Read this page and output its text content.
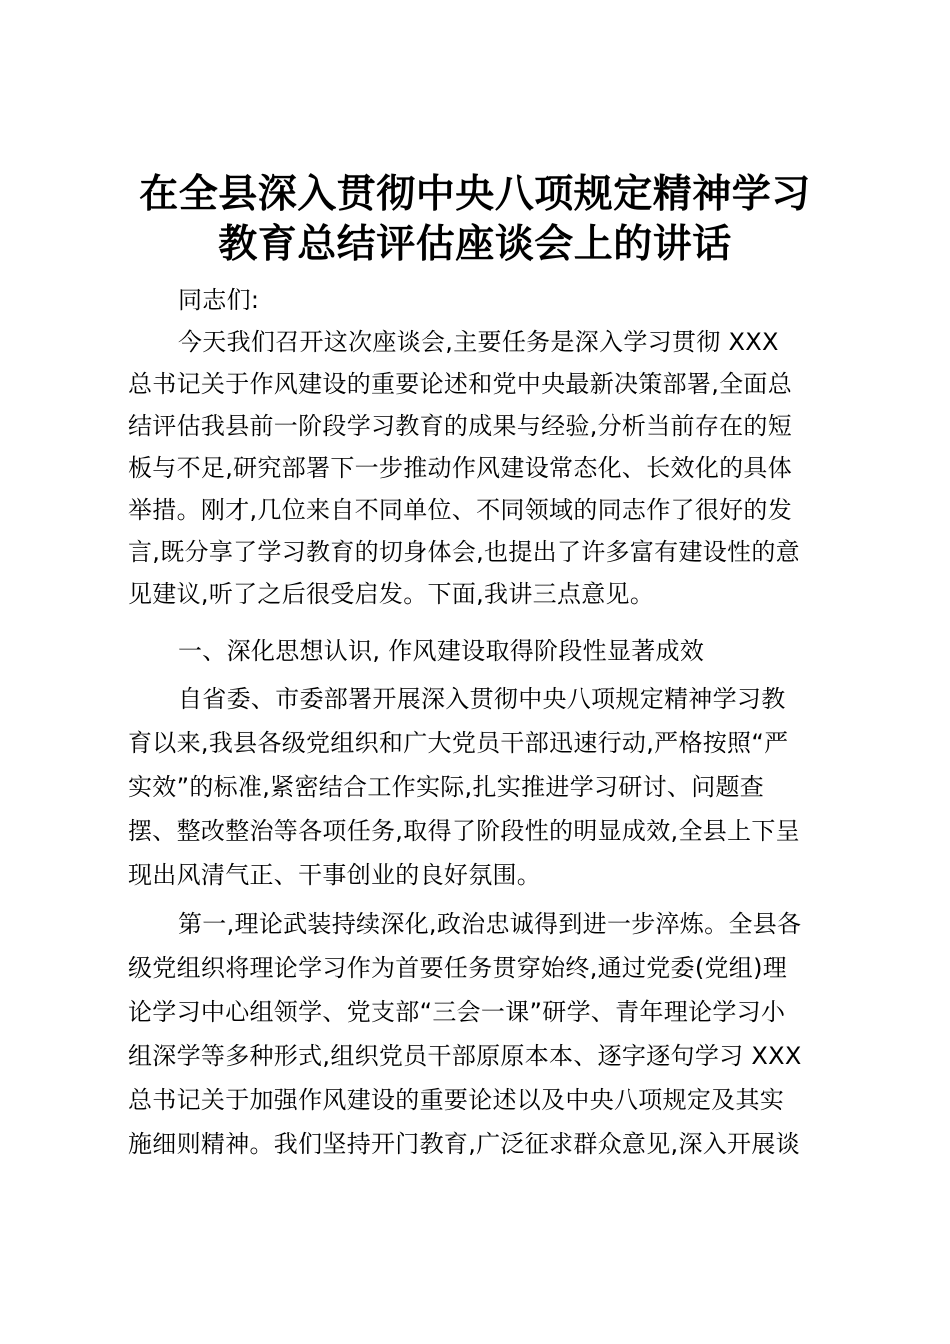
在全县深入贯彻中央八项规定精神学习
教育总结评估座谈会上的讲话
同志们:
今天我们召开这次座谈会,主要任务是深入学习贯彻 XXX
总书记关于作风建设的重要论述和党中央最新决策部署,全面总
结评估我县前一阶段学习教育的成果与经验,分析当前存在的短
板与不足,研究部署下一步推动作风建设常态化、长效化的具体
举措。刚才,几位来自不同单位、不同领域的同志作了很好的发
言,既分享了学习教育的切身体会,也提出了许多富有建设性的意
见建议,听了之后很受启发。下面,我讲三点意见。
一、深化思想认识, 作风建设取得阶段性显著成效
自省委、市委部署开展深入贯彻中央八项规定精神学习教
育以来,我县各级党组织和广大党员干部迅速行动,严格按照“严
实效”的标准,紧密结合工作实际,扎实推进学习研讨、问题查
摆、整改整治等各项任务,取得了阶段性的明显成效,全县上下呈
现出风清气正、干事创业的良好氛围。
第一,理论武装持续深化,政治忠诚得到进一步淬炼。全县各
级党组织将理论学习作为首要任务贯穿始终,通过党委(党组)理
论学习中心组领学、党支部“三会一课”研学、青年理论学习小
组深学等多种形式,组织党员干部原原本本、逐字逐句学习 XXX
总书记关于加强作风建设的重要论述以及中央八项规定及其实
施细则精神。我们坚持开门教育,广泛征求群众意见,深入开展谈
